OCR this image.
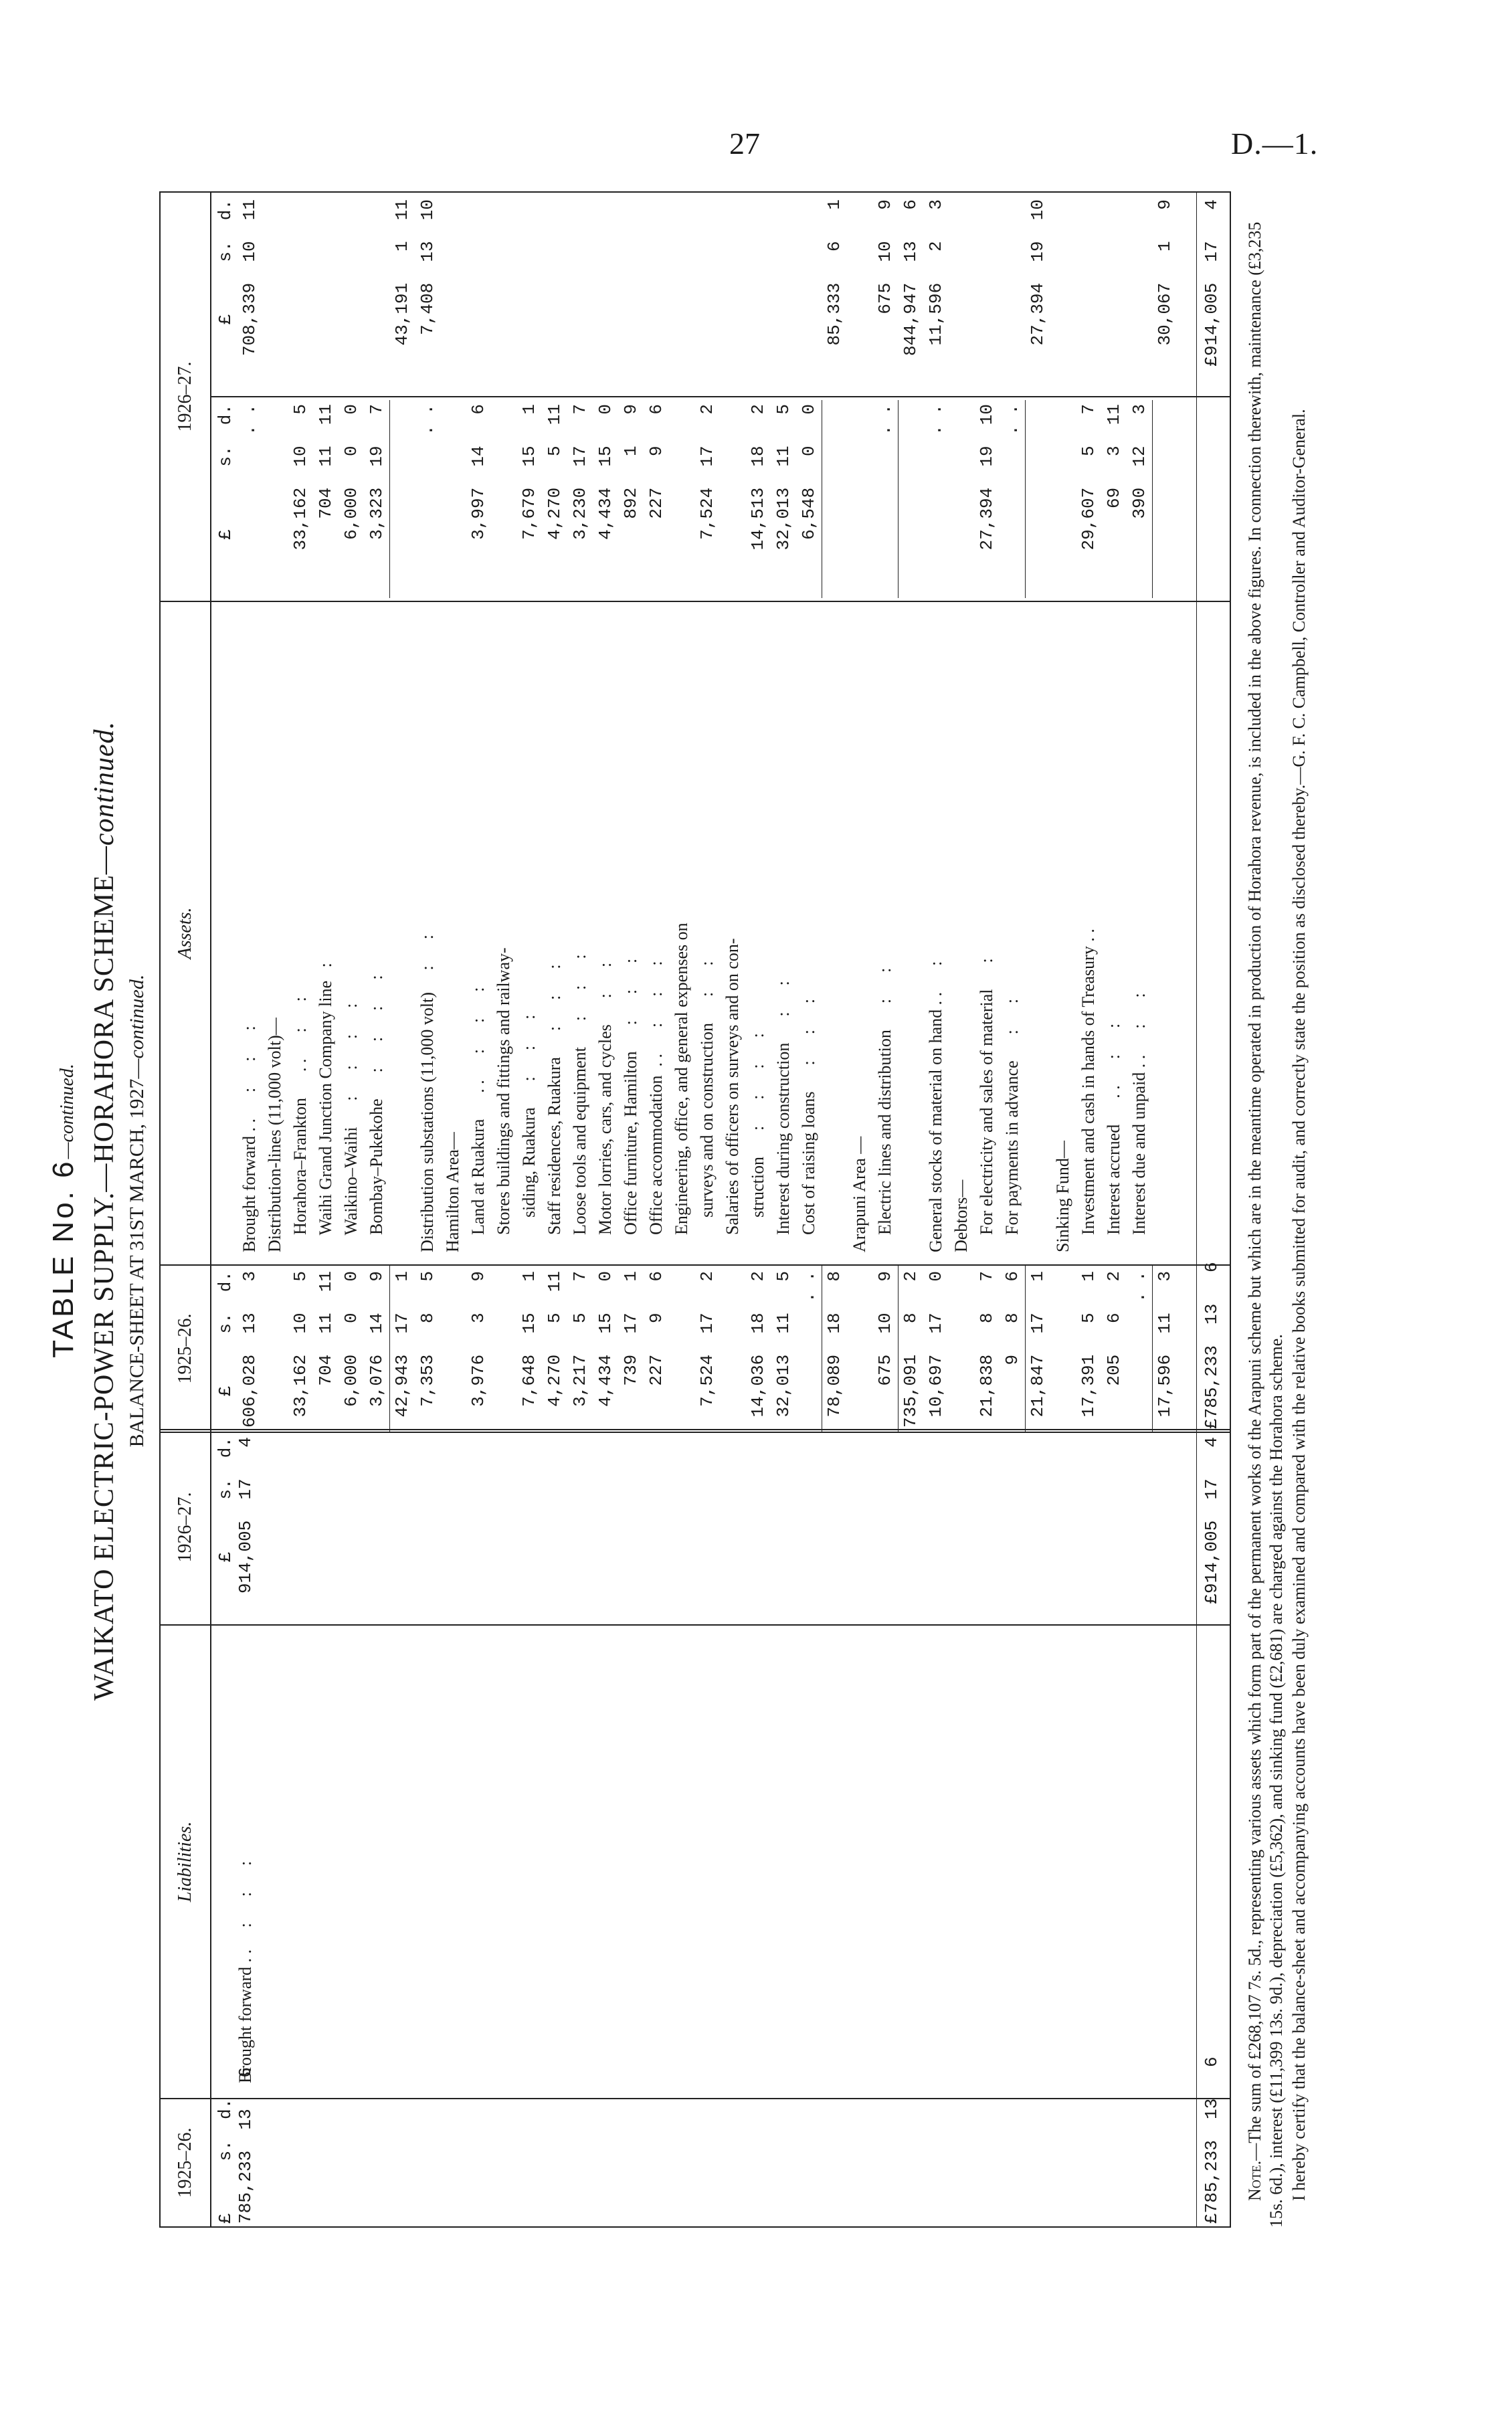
27	D.—1.
TABLE No. 6—continued. WAIKATO ELECTRIC-POWER SUPPLY.—HORAHORA SCHEME—continued.
BALANCE-SHEET AT 31ST MARCH, 1927—continued.
1925–26.
Liabilities.
1926–27.
£     s.  d.
£     s.  d.
785,233  13   6
Brought forward . .     :      :      :
914,005  17   4
£785,233  13   6
£914,005  17   4
1925–26.
Assets.
1926–27.
£     s.  d.
£      s.  d.
£     s.  d.
606,028  13   3
Brought forward . .      :      :      :
. .
708,339  10  11
Distribution-lines (11,000 volt)—
33,162  10   5
Horahora–Frankton      . .      :      :
33,162  10   5
704  11  11
Waihi Grand Junction Company line   :
704  11  11
6,000   0   0
Waikino–Waihi      :      :      :      :
6,000   0   0
3,076  14   9
Bombay–Pukekohe      :      :      :      :
3,323  19   7
42,943  17   1
43,191   1  11
7,353   8   5
Distribution substations (11,000 volt)     :      :
. .
7,408  13  10
Hamilton Area—
3,976   3   9
Land at Ruakura      . .      :      :      :
3,997  14   6
Stores buildings and fittings and railway-
7,648  15   1
siding, Ruakura      :      :      :
7,679  15   1
4,270   5  11
Staff residences, Ruakura      :      :      :
4,270   5  11
3,217   5   7
Loose tools and equipment      :      :      :
3,230  17   7
4,434  15   0
Motor lorries, cars, and cycles      :      :
4,434  15   0
739  17   1
Office furniture, Hamilton      :      :      :
892   1   9
227   9   6
Office accommodation  . .      :      :      :
227   9   6
Engineering, office, and general expenses on
7,524  17   2
surveys and on construction      :      :
7,524  17   2
Salaries of officers on surveys and on con-
14,036  18   2
struction      :      :      :      :
14,513  18   2
32,013  11   5
Interest during construction      :      :
32,013  11   5
. .
Cost of raising loans      :      :      :
6,548   0   0
78,089  18   8
85,333   6   1
Arapuni Area —
675  10   9
Electric lines and distribution      :      :
. .
675  10   9
735,091   8   2
844,947  13   6
10,697  17   0
General stocks of material on hand . .      :
. .
11,596   2   3
Debtors—
21,838   8   7
For electricity and sales of material      :
27,394  19  10
9   8   6
For payments in advance      :      :
. .
21,847  17   1
27,394  19  10
Sinking Fund—
17,391   5   1
Investment and cash in hands of Treasury . .
29,607   5   7
205   6   2
Interest accrued      . .      :      :
69   3  11
. .
Interest due and unpaid . .      :      :
390  12   3
17,596  11   3
30,067   1   9
£785,233  13   6
£914,005  17   4

Note.—The sum of £268,107 7s. 5d., representing various assets which form part of the permanent works of the Arapuni scheme but which are in the meantime operated in production of Horahora revenue, is included in the above figures. In connection therewith, maintenance (£3,235 15s. 6d.), interest (£11,399 13s. 9d.), depreciation (£5,362), and sinking fund (£2,681) are charged against the Horahora scheme. I hereby certify that the balance-sheet and accompanying accounts have been duly examined and compared with the relative books submitted for audit, and correctly state the position as disclosed thereby.—G. F. C. Campbell, Controller and Auditor-General.
